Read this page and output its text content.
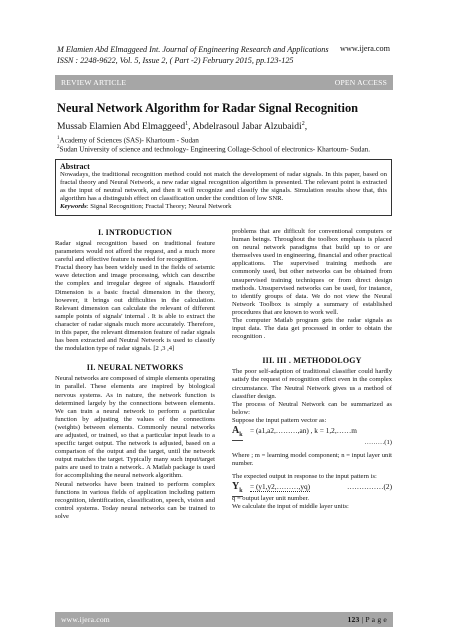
M Elamien Abd Elmaggeed Int. Journal of Engineering Research and Applications
ISSN : 2248-9622, Vol. 5, Issue 2, ( Part -2) February 2015, pp.123-125
www.ijera.com
REVIEW ARTICLE	OPEN ACCESS
Neural Network Algorithm for Radar Signal Recognition
Mussab Elamien Abd Elmaggeed$^1$, Abdelrasoul Jabar Alzubaidi$^2$,
$^1$Academy of Sciences (SAS)- Khartoum - Sudan
$^2$Sudan University of science and technology- Engineering Collage-School of electronics- Khartoum- Sudan.
Abstract
Nowadays, the traditional recognition method could not match the development of radar signals. In this paper, based on fractal theory and Neural Network, a new radar signal recognition algorithm is presented. The relevant point is extracted as the input of neutral network, and then it will recognize and classify the signals. Simulation results show that, this algorithm has a distinguish effect on classification under the condition of low SNR.
Keywords: Signal Recognition; Fractal Theory; Neural Network
I. INTRODUCTION

Radar signal recognition based on traditional feature parameters would not afford the request, and a much more careful and effective feature is needed for recognition.

Fractal theory has been widely used in the fields of seismic wave detection and image processing, which can describe the complex and irregular degree of signals. Hausdorff Dimension is a basic fractal dimension in the theory, however, it brings out difficulties in the calculation. Relevant dimension can calculate the relevant of different sample points of signals' internal . It is able to extract the character of radar signals much more accurately. Therefore, in this paper, the relevant dimension feature of radar signals has been extracted and Neutral Network is used to classify the modulation type of radar signals. [2 ,3 ,4]

II. NEURAL NETWORKS

Neural networks are composed of simple elements operating in parallel. These elements are inspired by biological nervous systems. As in nature, the network function is determined largely by the connections between elements. We can train a neural network to perform a particular function by adjusting the values of the connections (weights) between elements. Commonly neural networks are adjusted, or trained, so that a particular input leads to a specific target output. The network is adjusted, based on a comparison of the output and the target, until the network output matches the target. Typically many such input/target pairs are used to train a network.. A Matlab package is used for accomplishing the neural network algorithm.

Neural networks have been trained to perform complex functions in various fields of application including pattern recognition, identification, classification, speech, vision and control systems. Today neural networks can be trained to solve

problems that are difficult for conventional computers or human beings. Throughout the toolbox emphasis is placed on neural network paradigms that build up to or are themselves used in engineering, financial and other practical applications. The supervised training methods are commonly used, but other networks can be obtained from unsupervised training techniques or from direct design methods. Unsupervised networks can be used, for instance, to identify groups of data. We do not view the Neural Network Toolbox is simply a summary of established procedures that are known to work well.

The computer Matlab program gets the radar signals as input data. The data get processed in order to obtain the recognition .

III. III . METHODOLOGY

The poor self-adaption of traditional classifier could hardly satisfy the request of recognition effect even in the complex circumstance. The Neutral Network gives us a method of classifier design.

The process of Neutral Network can be summarized as below:

Suppose the input pattern vector as:

$A_k$ = (a1,a2,………,an) , k = 1,2,……m
………(1)

Where ; m = learning model component; n = input layer unit number.

The expected output in response to the input pattern is:

$Y_k$ = (y1,y2,………,yq)	……………(2)

q = output layer unit number.

We calculate the input of middle layer units:

www.ijera.com	123 | P a g e
